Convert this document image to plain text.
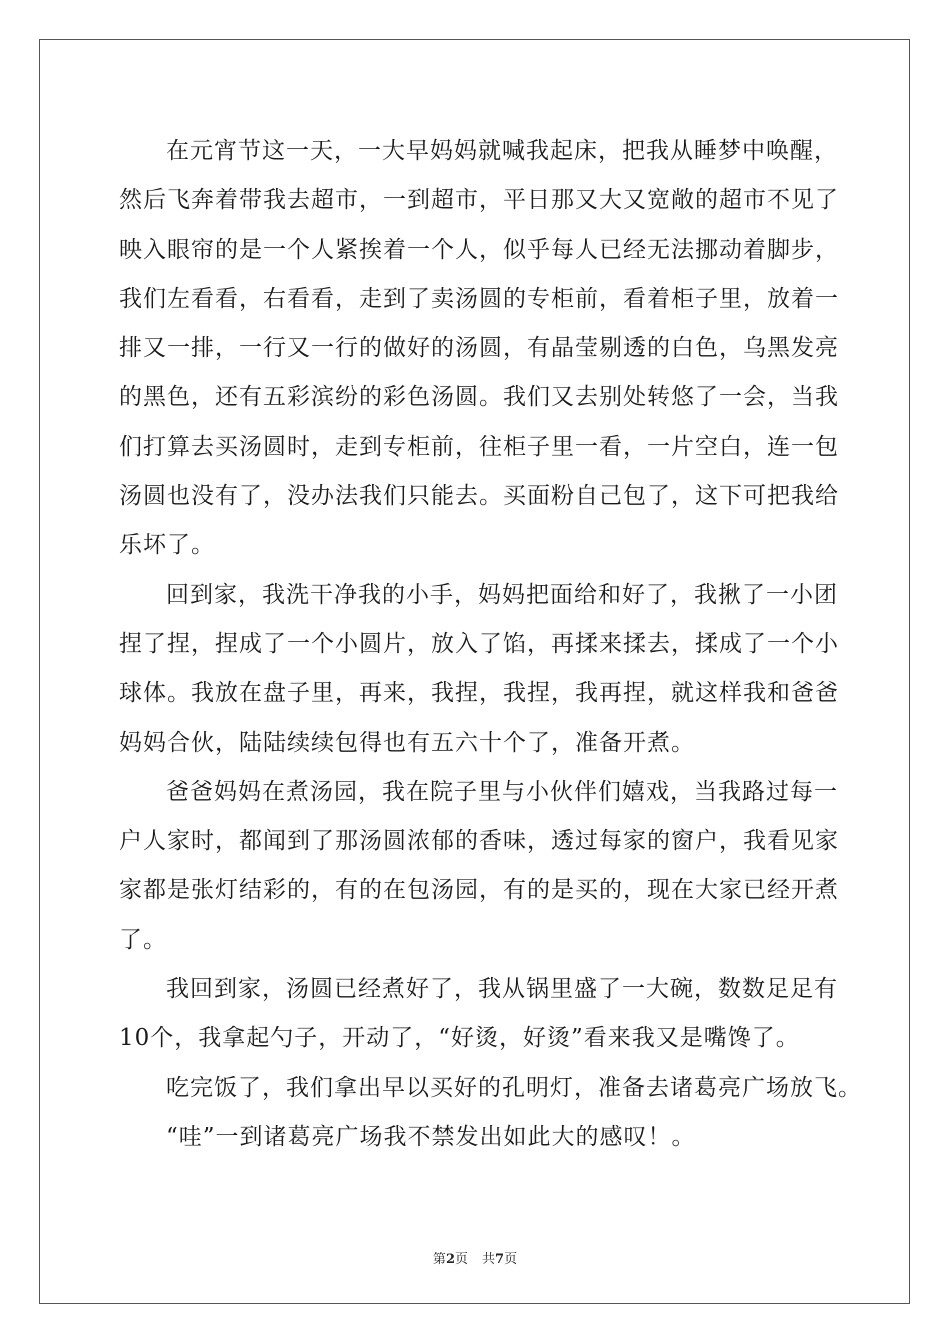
在元宵节这一天，一大早妈妈就喊我起床，把我从睡梦中唤醒，
然后飞奔着带我去超市，一到超市，平日那又大又宽敞的超市不见了
映入眼帘的是一个人紧挨着一个人，似乎每人已经无法挪动着脚步，
我们左看看，右看看，走到了卖汤圆的专柜前，看着柜子里，放着一
排又一排，一行又一行的做好的汤圆，有晶莹剔透的白色，乌黑发亮
的黑色，还有五彩滨纷的彩色汤圆。我们又去别处转悠了一会，当我
们打算去买汤圆时，走到专柜前，往柜子里一看，一片空白，连一包
汤圆也没有了，没办法我们只能去。买面粉自己包了，这下可把我给
乐坏了。
回到家，我洗干净我的小手，妈妈把面给和好了，我揪了一小团
捏了捏，捏成了一个小圆片，放入了馅，再揉来揉去，揉成了一个小
球体。我放在盘子里，再来，我捏，我捏，我再捏，就这样我和爸爸
妈妈合伙，陆陆续续包得也有五六十个了，准备开煮。
爸爸妈妈在煮汤园，我在院子里与小伙伴们嬉戏，当我路过每一
户人家时，都闻到了那汤圆浓郁的香味，透过每家的窗户，我看见家
家都是张灯结彩的，有的在包汤园，有的是买的，现在大家已经开煮
了。
我回到家，汤圆已经煮好了，我从锅里盛了一大碗，数数足足有
10个，我拿起勺子，开动了，“好烫，好烫”看来我又是嘴馋了。
吃完饭了，我们拿出早以买好的孔明灯，准备去诸葛亮广场放飞。
“哇”一到诸葛亮广场我不禁发出如此大的感叹！。
第2页 共7页
